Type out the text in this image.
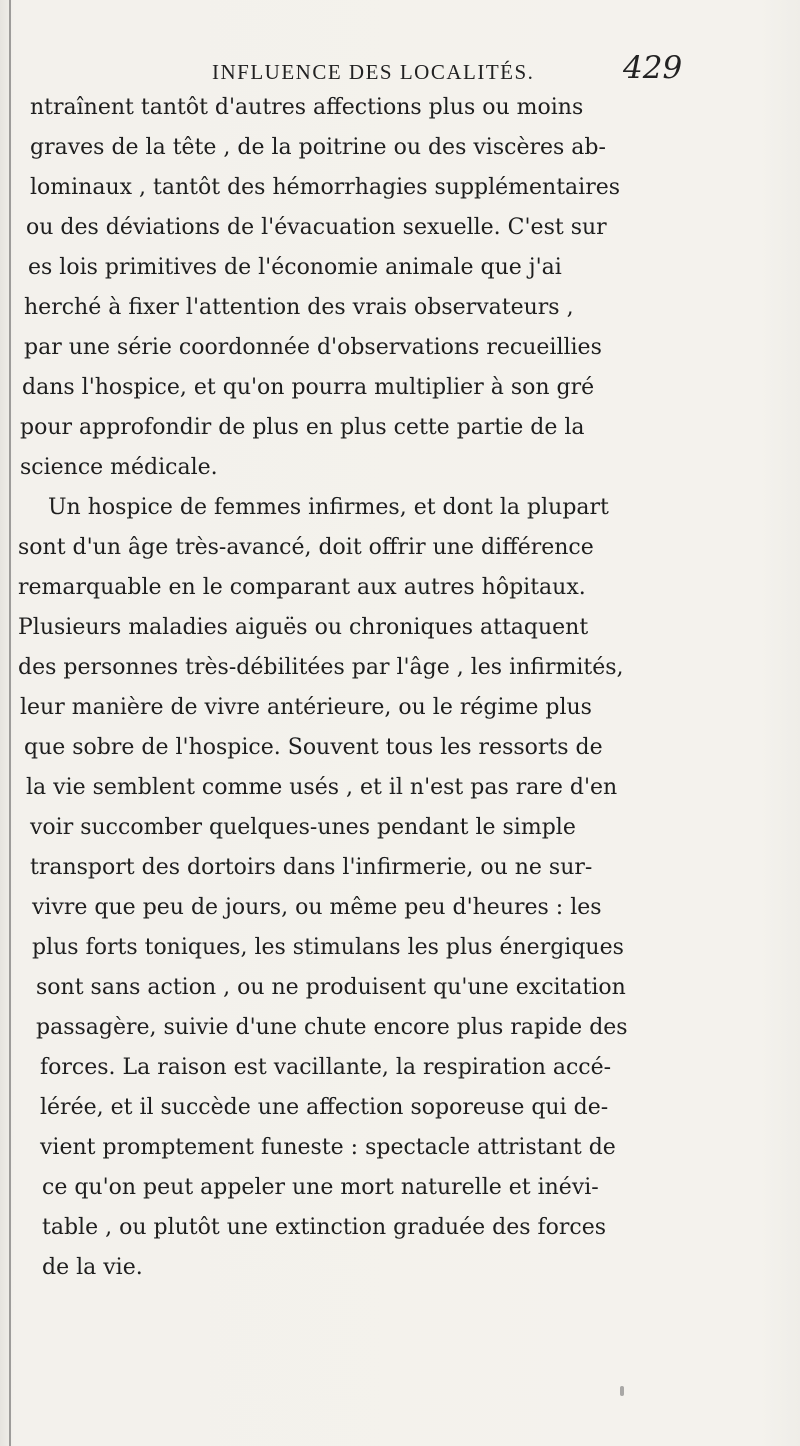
INFLUENCE DES LOCALITÉS.	429
ntraînent tantôt d'autres affections plus ou moins
graves de la tête , de la poitrine ou des viscères ab-
lominaux , tantôt des hémorrhagies supplémentaires
ou des déviations de l'évacuation sexuelle. C'est sur
es lois primitives de l'économie animale que j'ai
herché à fixer l'attention des vrais observateurs ,
par une série coordonnée d'observations recueillies
dans l'hospice, et qu'on pourra multiplier à son gré
pour approfondir de plus en plus cette partie de la
science médicale.
Un hospice de femmes infirmes, et dont la plupart
sont d'un âge très-avancé, doit offrir une différence
remarquable en le comparant aux autres hôpitaux.
Plusieurs maladies aiguës ou chroniques attaquent
des personnes très-débilitées par l'âge , les infirmités,
leur manière de vivre antérieure, ou le régime plus
que sobre de l'hospice. Souvent tous les ressorts de
la vie semblent comme usés , et il n'est pas rare d'en
voir succomber quelques-unes pendant le simple
transport des dortoirs dans l'infirmerie, ou ne sur-
vivre que peu de jours, ou même peu d'heures : les
plus forts toniques, les stimulans les plus énergiques
sont sans action , ou ne produisent qu'une excitation
passagère, suivie d'une chute encore plus rapide des
forces. La raison est vacillante, la respiration accé-
lérée, et il succède une affection soporeuse qui de-
vient promptement funeste : spectacle attristant de
ce qu'on peut appeler une mort naturelle et inévi-
table , ou plutôt une extinction graduée des forces
de la vie.
